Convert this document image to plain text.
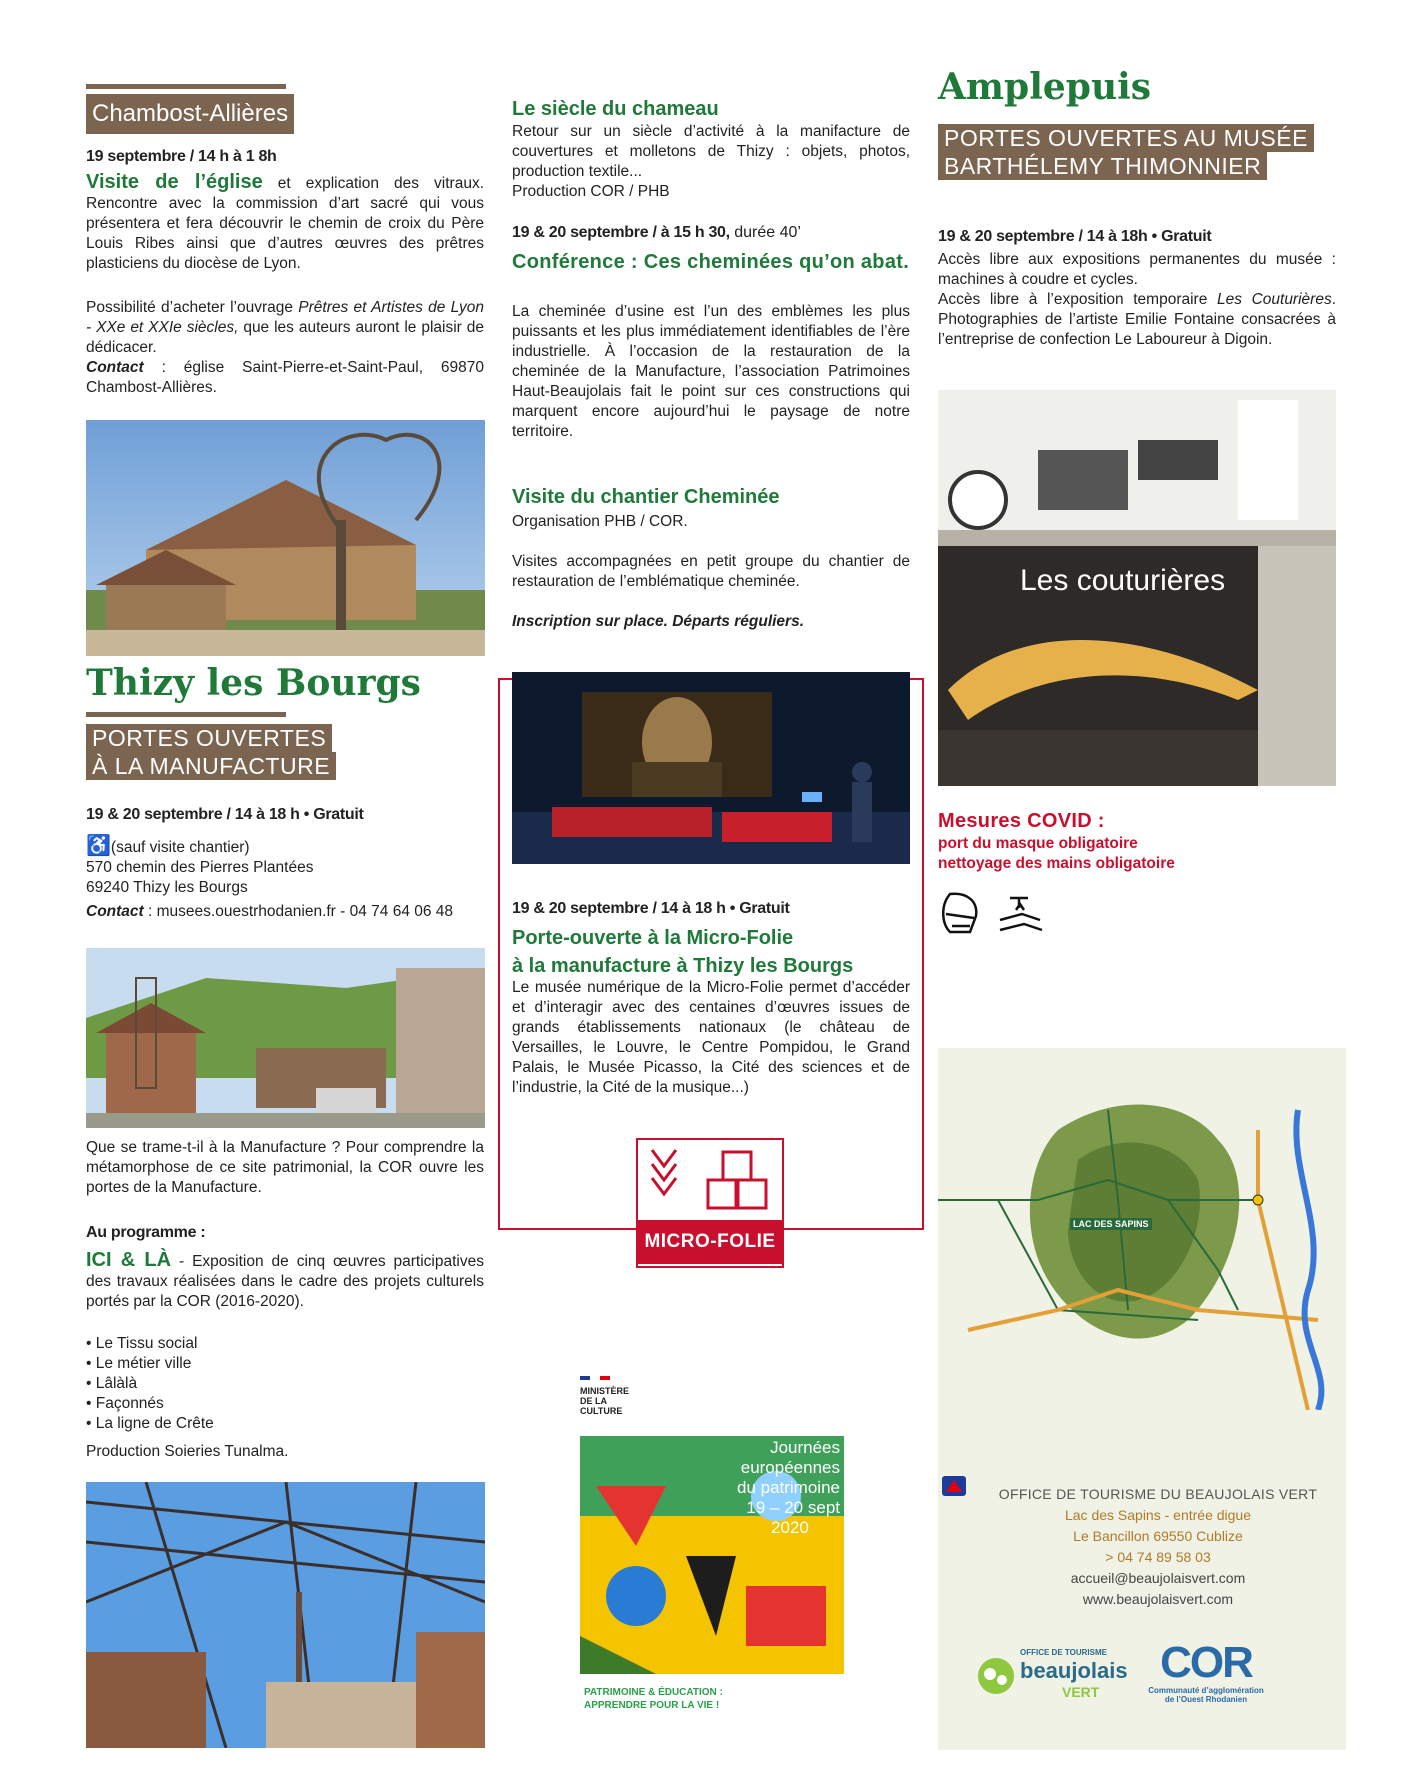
Chambost-Allières
19 septembre / 14 h à 1 8h

Visite de l’église et explication des vitraux. Rencontre avec la commission d’art sacré qui vous présentera et fera découvrir le chemin de croix du Père Louis Ribes ainsi que d’autres œuvres des prêtres plasticiens du diocèse de Lyon.

Possibilité d’acheter l’ouvrage Prêtres et Artistes de Lyon - XXe et XXIe siècles, que les auteurs auront le plaisir de dédicacer.

Contact : église Saint-Pierre-et-Saint-Paul, 69870 Chambost-Allières.

Thizy les Bourgs
PORTES OUVERTES
À LA MANUFACTURE
19 & 20 septembre / 14 à 18 h • Gratuit
♿(sauf visite chantier)
570 chemin des Pierres Plantées
69240 Thizy les Bourgs

Contact : musees.ouestrhodanien.fr - 04 74 64 06 48

Que se trame-t-il à la Manufacture ? Pour comprendre la métamorphose de ce site patrimonial, la COR ouvre les portes de la Manufacture.

Au programme :

ICI & LÀ - Exposition de cinq œuvres participatives des travaux réalisées dans le cadre des projets culturels portés par la COR (2016-2020).

• Le Tissu social
• Le métier ville
• Lâlàlà
• Façonnés
• La ligne de Crête
Production Soieries Tunalma.
Le siècle du chameau

Retour sur un siècle d’activité à la manifacture de couvertures et molletons de Thizy : objets, photos, production textile...

Production COR / PHB
19 & 20 septembre / à 15 h 30, durée 40’
Conférence : Ces cheminées qu’on abat.

La cheminée d’usine est l’un des emblèmes les plus puissants et les plus immédiatement identifiables de l’ère industrielle. À l’occasion de la restauration de la cheminée de la Manufacture, l’association Patrimoines Haut-Beaujolais fait le point sur ces constructions qui marquent encore aujourd’hui le paysage de notre territoire.

Visite du chantier Cheminée
Organisation PHB / COR.

Visites accompagnées en petit groupe du chantier de restauration de l’emblématique cheminée.

Inscription sur place. Départs réguliers.
19 & 20 septembre / 14 à 18 h • Gratuit
Porte-ouverte à la Micro-Folie
à la manufacture à Thizy les Bourgs

Le musée numérique de la Micro-Folie permet d’accéder et d’interagir avec des centaines d’œuvres issues de grands établissements nationaux (le château de Versailles, le Louvre, le Centre Pompidou, le Grand Palais, le Musée Picasso, la Cité des sciences et de l’industrie, la Cité de la musique...)

MICRO-FOLIE
MINISTÈRE DE LA CULTURE
Journées
européennes
du patrimoine
19 – 20 sept
2020
PATRIMOINE & ÉDUCATION :
APPRENDRE POUR LA VIE !
Amplepuis
PORTES OUVERTES AU MUSÉE
BARTHÉLEMY THIMONNIER
19 & 20 septembre / 14 à 18h • Gratuit

Accès libre aux expositions permanentes du musée : machines à coudre et cycles.

Accès libre à l’exposition temporaire Les Couturières. Photographies de l’artiste Emilie Fontaine consacrées à l’entreprise de confection Le Laboureur à Digoin.

Les couturières
Mesures COVID :
port du masque obligatoire
nettoyage des mains obligatoire

LAC DES SAPINS
OFFICE DE TOURISME DU BEAUJOLAIS VERT
Lac des Sapins - entrée digue
Le Bancillon 69550 Cublize
> 04 74 89 58 03
accueil@beaujolaisvert.com
www.beaujolaisvert.com
OFFICE DE TOURISME
beaujolais
VERT
COR
Communauté d’agglomération de l’Ouest Rhodanien
